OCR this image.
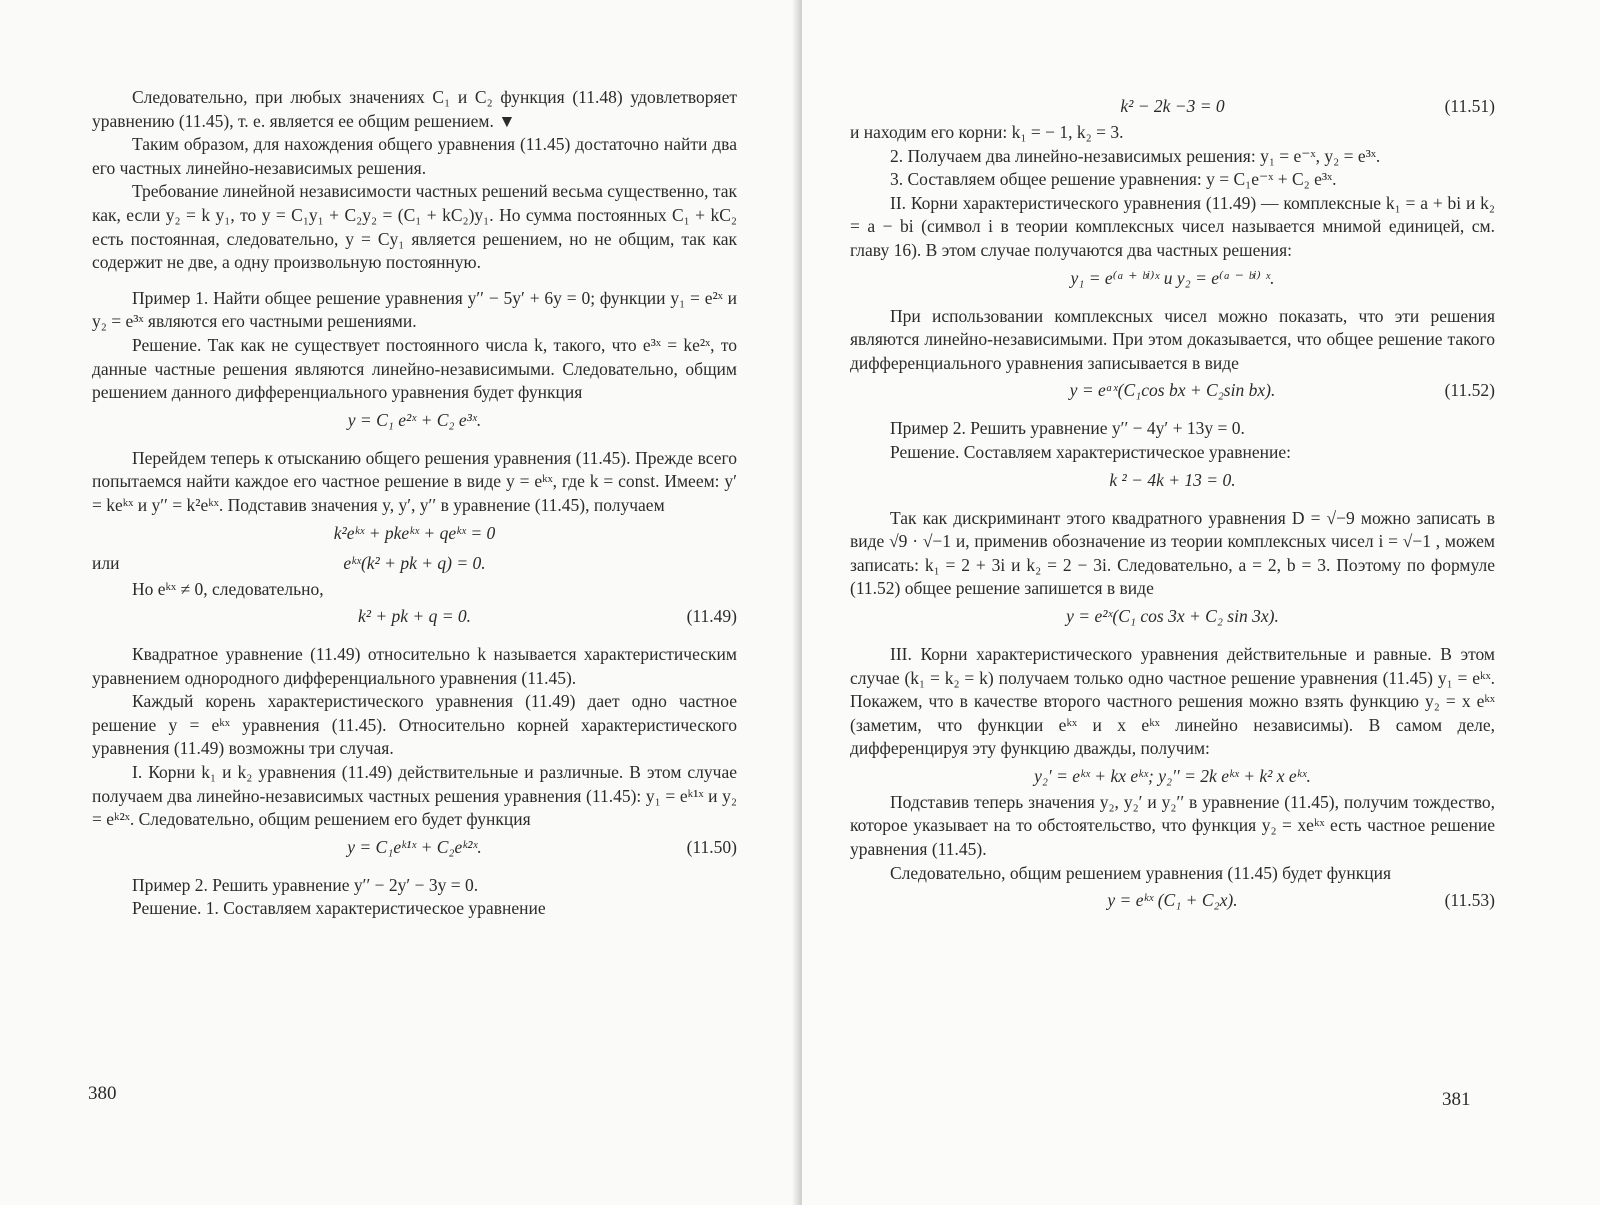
Следовательно, при любых значениях C₁ и C₂ функция (11.48) удовлетворяет уравнению (11.45), т. е. является ее общим решением. ▼

Таким образом, для нахождения общего уравнения (11.45) достаточно найти два его частных линейно-независимых решения.

Требование линейной независимости частных решений весьма существенно, так как, если y₂ = k y₁, то y = C₁y₁ + C₂y₂ = (C₁ + kC₂)y₁. Но сумма постоянных C₁ + kC₂ есть постоянная, следовательно, y = Cy₁ является решением, но не общим, так как содержит не две, а одну произвольную постоянную.

Пример 1. Найти общее решение уравнения y′′ − 5y′ + 6y = 0; функции y₁ = e²ˣ и y₂ = e³ˣ являются его частными решениями.

Решение. Так как не существует постоянного числа k, такого, что e³ˣ = ke²ˣ, то данные частные решения являются линейно-независимыми. Следовательно, общим решением данного дифференциального уравнения будет функция

y = C₁ e²ˣ + C₂ e³ˣ.

Перейдем теперь к отысканию общего решения уравнения (11.45). Прежде всего попытаемся найти каждое его частное решение в виде y = eᵏˣ, где k = const. Имеем: y′ = keᵏˣ и y′′ = k²eᵏˣ. Подставив значения y, y′, y′′ в уравнение (11.45), получаем

k²eᵏˣ + pkeᵏˣ + qeᵏˣ = 0
или	eᵏˣ(k² + pk + q) = 0.

Но eᵏˣ ≠ 0, следовательно,

k² + pk + q = 0.	(11.49)

Квадратное уравнение (11.49) относительно k называется характеристическим уравнением однородного дифференциального уравнения (11.45).

Каждый корень характеристического уравнения (11.49) дает одно частное решение y = eᵏˣ уравнения (11.45). Относительно корней характеристического уравнения (11.49) возможны три случая.

I. Корни k₁ и k₂ уравнения (11.49) действительные и различные. В этом случае получаем два линейно-независимых частных решения уравнения (11.45): y₁ = eᵏ¹ˣ и y₂ = eᵏ²ˣ. Следовательно, общим решением его будет функция

y = C₁eᵏ¹ˣ + C₂eᵏ²ˣ.	(11.50)

Пример 2. Решить уравнение y′′ − 2y′ − 3y = 0.

Решение. 1. Составляем характеристическое уравнение

380
k² − 2k −3 = 0	(11.51)

и находим его корни: k₁ = − 1, k₂ = 3.

2. Получаем два линейно-независимых решения: y₁ = e⁻ˣ, y₂ = e³ˣ.

3. Составляем общее решение уравнения: y = C₁e⁻ˣ + C₂ e³ˣ.

II. Корни характеристического уравнения (11.49) — комплексные k₁ = a + bi и k₂ = a − bi (символ i в теории комплексных чисел называется мнимой единицей, см. главу 16). В этом случае получаются два частных решения:

y₁ = e⁽ᵃ ⁺ ᵇⁱ⁾ˣ и y₂ = e⁽ᵃ ⁻ ᵇⁱ⁾ ˣ.

При использовании комплексных чисел можно показать, что эти решения являются линейно-независимыми. При этом доказывается, что общее решение такого дифференциального уравнения записывается в виде

y = eᵃˣ(C₁cos bx + C₂sin bx).	(11.52)

Пример 2. Решить уравнение y′′ − 4y′ + 13y = 0.

Решение. Составляем характеристическое уравнение:

k ² − 4k + 13 = 0.

Так как дискриминант этого квадратного уравнения D = √−9 можно записать в виде √9 · √−1 и, применив обозначение из теории комплексных чисел i = √−1 , можем записать: k₁ = 2 + 3i и k₂ = 2 − 3i. Следовательно, a = 2, b = 3. Поэтому по формуле (11.52) общее решение запишется в виде

y = e²ˣ(C₁ cos 3x + C₂ sin 3x).

III. Корни характеристического уравнения действительные и равные. В этом случае (k₁ = k₂ = k) получаем только одно частное решение уравнения (11.45) y₁ = eᵏˣ. Покажем, что в качестве второго частного решения можно взять функцию y₂ = x eᵏˣ (заметим, что функции eᵏˣ и x eᵏˣ линейно независимы). В самом деле, дифференцируя эту функцию дважды, получим:

y₂′ = eᵏˣ + kx eᵏˣ; y₂′′ = 2k eᵏˣ + k² x eᵏˣ.

Подставив теперь значения y₂, y₂′ и y₂′′ в уравнение (11.45), получим тождество, которое указывает на то обстоятельство, что функция y₂ = xeᵏˣ есть частное решение уравнения (11.45).

Следовательно, общим решением уравнения (11.45) будет функция

y = eᵏˣ (C₁ + C₂x).	(11.53)
381
